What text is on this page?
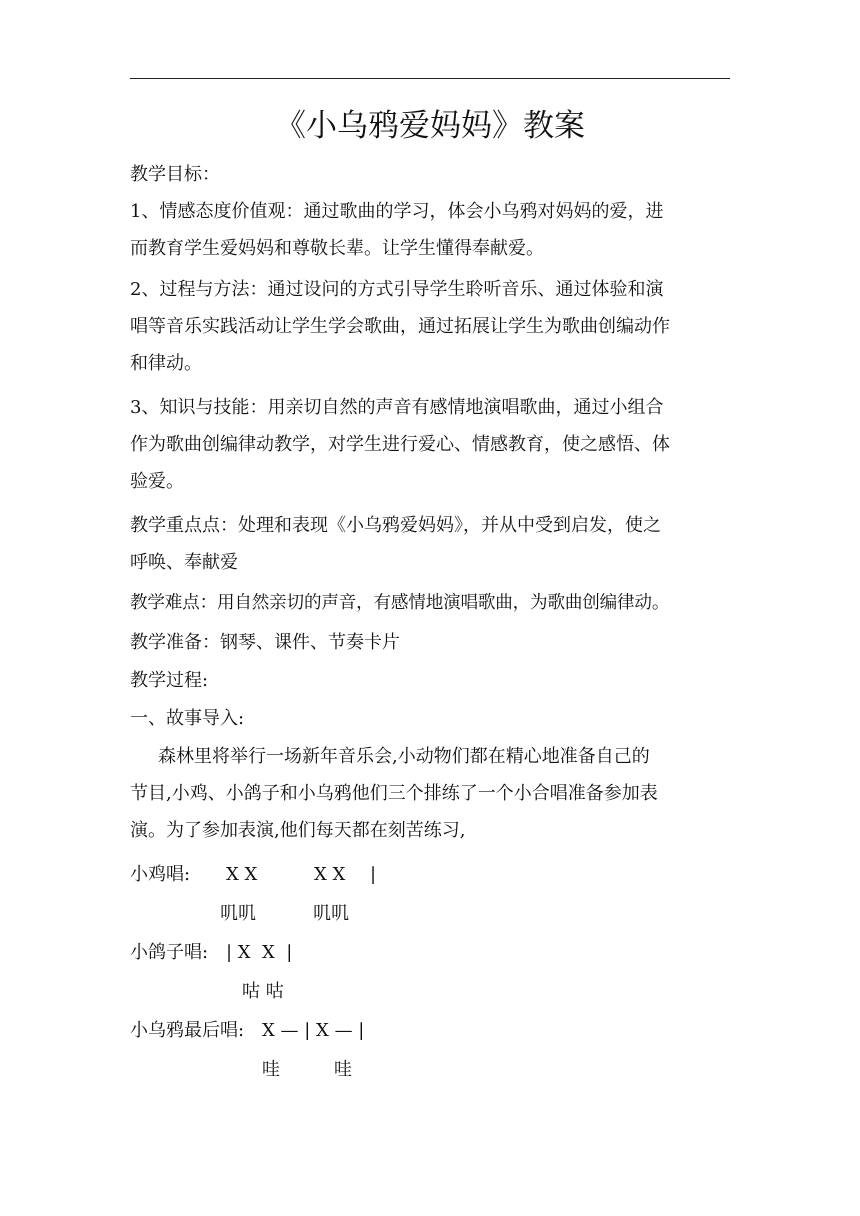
《小乌鸦爱妈妈》教案
教学目标：
1、情感态度价值观：通过歌曲的学习，体会小乌鸦对妈妈的爱，进
而教育学生爱妈妈和尊敬长辈。让学生懂得奉献爱。
2、过程与方法：通过设问的方式引导学生聆听音乐、通过体验和演
唱等音乐实践活动让学生学会歌曲，通过拓展让学生为歌曲创编动作
和律动。
3、知识与技能：用亲切自然的声音有感情地演唱歌曲，通过小组合
作为歌曲创编律动教学，对学生进行爱心、情感教育，使之感悟、体
验爱。
教学重点点：处理和表现《小乌鸦爱妈妈》，并从中受到启发，使之
呼唤、奉献爱
教学难点：用自然亲切的声音，有感情地演唱歌曲，为歌曲创编律动。
教学准备：钢琴、课件、节奏卡片
教学过程:
一、故事导入:
森林里将举行一场新年音乐会,小动物们都在精心地准备自己的
节目,小鸡、小鸽子和小乌鸦他们三个排练了一个小合唱准备参加表
演。为了参加表演,他们每天都在刻苦练习,
小鸡唱: X X	X X |
叽叽	叽叽
小鸽子唱: | X  X  |
咕 咕
小乌鸦最后唱: X — | X — |
哇	哇
